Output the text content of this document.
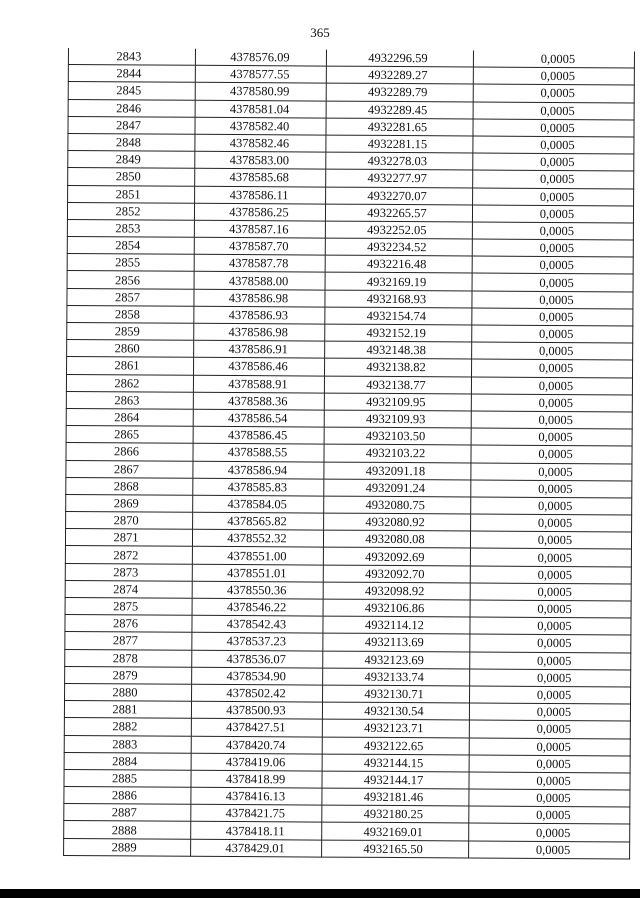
365
2843	4378576.09	4932296.59	0,0005
2844	4378577.55	4932289.27	0,0005
2845	4378580.99	4932289.79	0,0005
2846	4378581.04	4932289.45	0,0005
2847	4378582.40	4932281.65	0,0005
2848	4378582.46	4932281.15	0,0005
2849	4378583.00	4932278.03	0,0005
2850	4378585.68	4932277.97	0,0005
2851	4378586.11	4932270.07	0,0005
2852	4378586.25	4932265.57	0,0005
2853	4378587.16	4932252.05	0,0005
2854	4378587.70	4932234.52	0,0005
2855	4378587.78	4932216.48	0,0005
2856	4378588.00	4932169.19	0,0005
2857	4378586.98	4932168.93	0,0005
2858	4378586.93	4932154.74	0,0005
2859	4378586.98	4932152.19	0,0005
2860	4378586.91	4932148.38	0,0005
2861	4378586.46	4932138.82	0,0005
2862	4378588.91	4932138.77	0,0005
2863	4378588.36	4932109.95	0,0005
2864	4378586.54	4932109.93	0,0005
2865	4378586.45	4932103.50	0,0005
2866	4378588.55	4932103.22	0,0005
2867	4378586.94	4932091.18	0,0005
2868	4378585.83	4932091.24	0,0005
2869	4378584.05	4932080.75	0,0005
2870	4378565.82	4932080.92	0,0005
2871	4378552.32	4932080.08	0,0005
2872	4378551.00	4932092.69	0,0005
2873	4378551.01	4932092.70	0,0005
2874	4378550.36	4932098.92	0,0005
2875	4378546.22	4932106.86	0,0005
2876	4378542.43	4932114.12	0,0005
2877	4378537.23	4932113.69	0,0005
2878	4378536.07	4932123.69	0,0005
2879	4378534.90	4932133.74	0,0005
2880	4378502.42	4932130.71	0,0005
2881	4378500.93	4932130.54	0,0005
2882	4378427.51	4932123.71	0,0005
2883	4378420.74	4932122.65	0,0005
2884	4378419.06	4932144.15	0,0005
2885	4378418.99	4932144.17	0,0005
2886	4378416.13	4932181.46	0,0005
2887	4378421.75	4932180.25	0,0005
2888	4378418.11	4932169.01	0,0005
2889	4378429.01	4932165.50	0,0005
